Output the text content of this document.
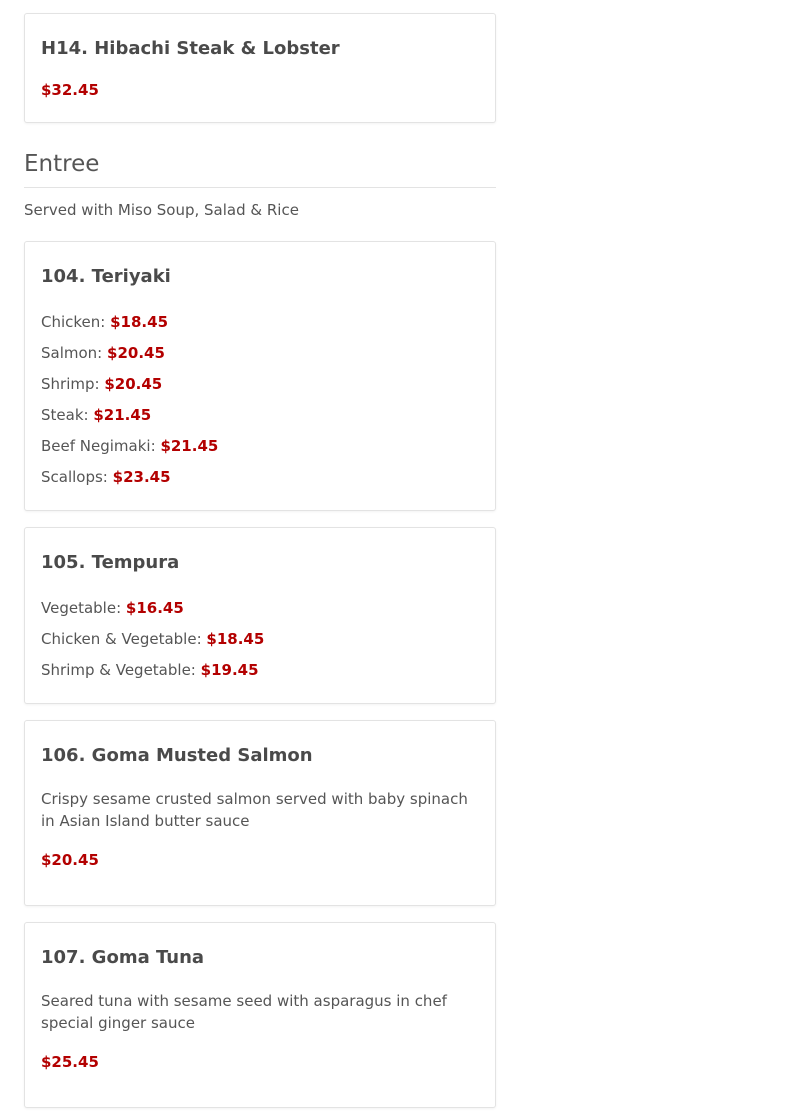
H14. Hibachi Steak & Lobster
$32.45
Entree
Served with Miso Soup, Salad & Rice
104. Teriyaki
Chicken: $18.45
Salmon: $20.45
Shrimp: $20.45
Steak: $21.45
Beef Negimaki: $21.45
Scallops: $23.45
105. Tempura
Vegetable: $16.45
Chicken & Vegetable: $18.45
Shrimp & Vegetable: $19.45
106. Goma Musted Salmon
Crispy sesame crusted salmon served with baby spinach in Asian Island butter sauce
$20.45
107. Goma Tuna
Seared tuna with sesame seed with asparagus in chef special ginger sauce
$25.45
